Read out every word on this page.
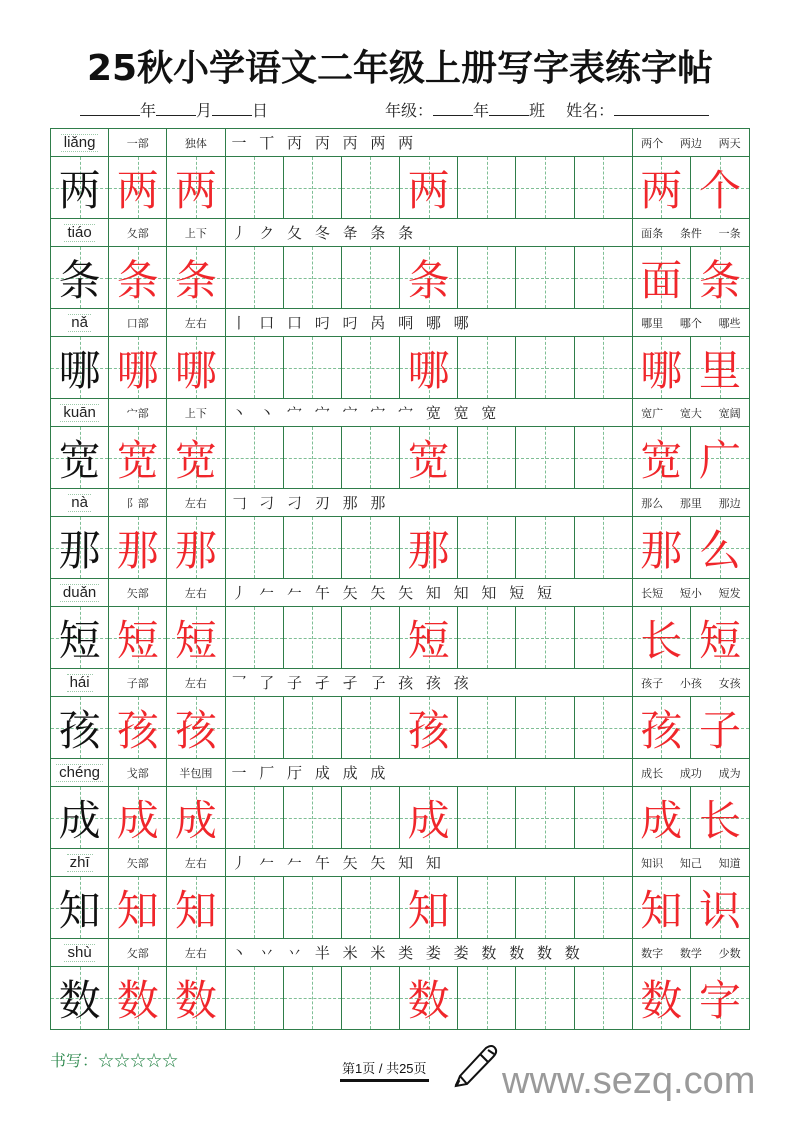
25秋小学语文二年级上册写字表练字帖
年	月	日	年级：	年	班 姓名：
liǎng	一部	独体	一 丅 丙 丙 丙 两 两	两个 两边 两天
两 两 两	两	两 个
tiáo	夂部	上下	丿 ク 夂 冬 夅 条 条	面条 条件 一条
条 条 条	条	面 条
nǎ	口部	左右	丨 口 口 叼 叼 呙 哃 哪 哪	哪里 哪个 哪些
哪 哪 哪	哪	哪 里
kuān	宀部	上下	丶 丶 宀 宀 宀 宀 宀 宽 宽 宽	宽广 宽大 宽阔
宽 宽 宽	宽	宽 广
nà	阝部	左右	𠃌 刁 刁 刃 那 那	那么 那里 那边
那 那 那	那	那 么
duǎn	矢部	左右	丿 𠂉 𠂉 午 矢 矢 矢 知 知 知 短 短	长短 短小 短发
短 短 短	短	长 短
hái	子部	左右	乛 了 子 孑 孑 孒 孩 孩 孩	孩子 小孩 女孩
孩 孩 孩	孩	孩 子
chéng	戈部	半包围	一 厂 厅 成 成 成	成长 成功 成为
成 成 成	成	成 长
zhī	矢部	左右	丿 𠂉 𠂉 午 矢 矢 知 知	知识 知己 知道
知 知 知	知	知 识
shù	攵部	左右	丶 丷 丷 半 米 米 类 娄 娄 数 数 数 数	数字 数学 少数
数 数 数	数	数 字
书写：☆☆☆☆☆	第1页 / 共25页 www.sezq.com
